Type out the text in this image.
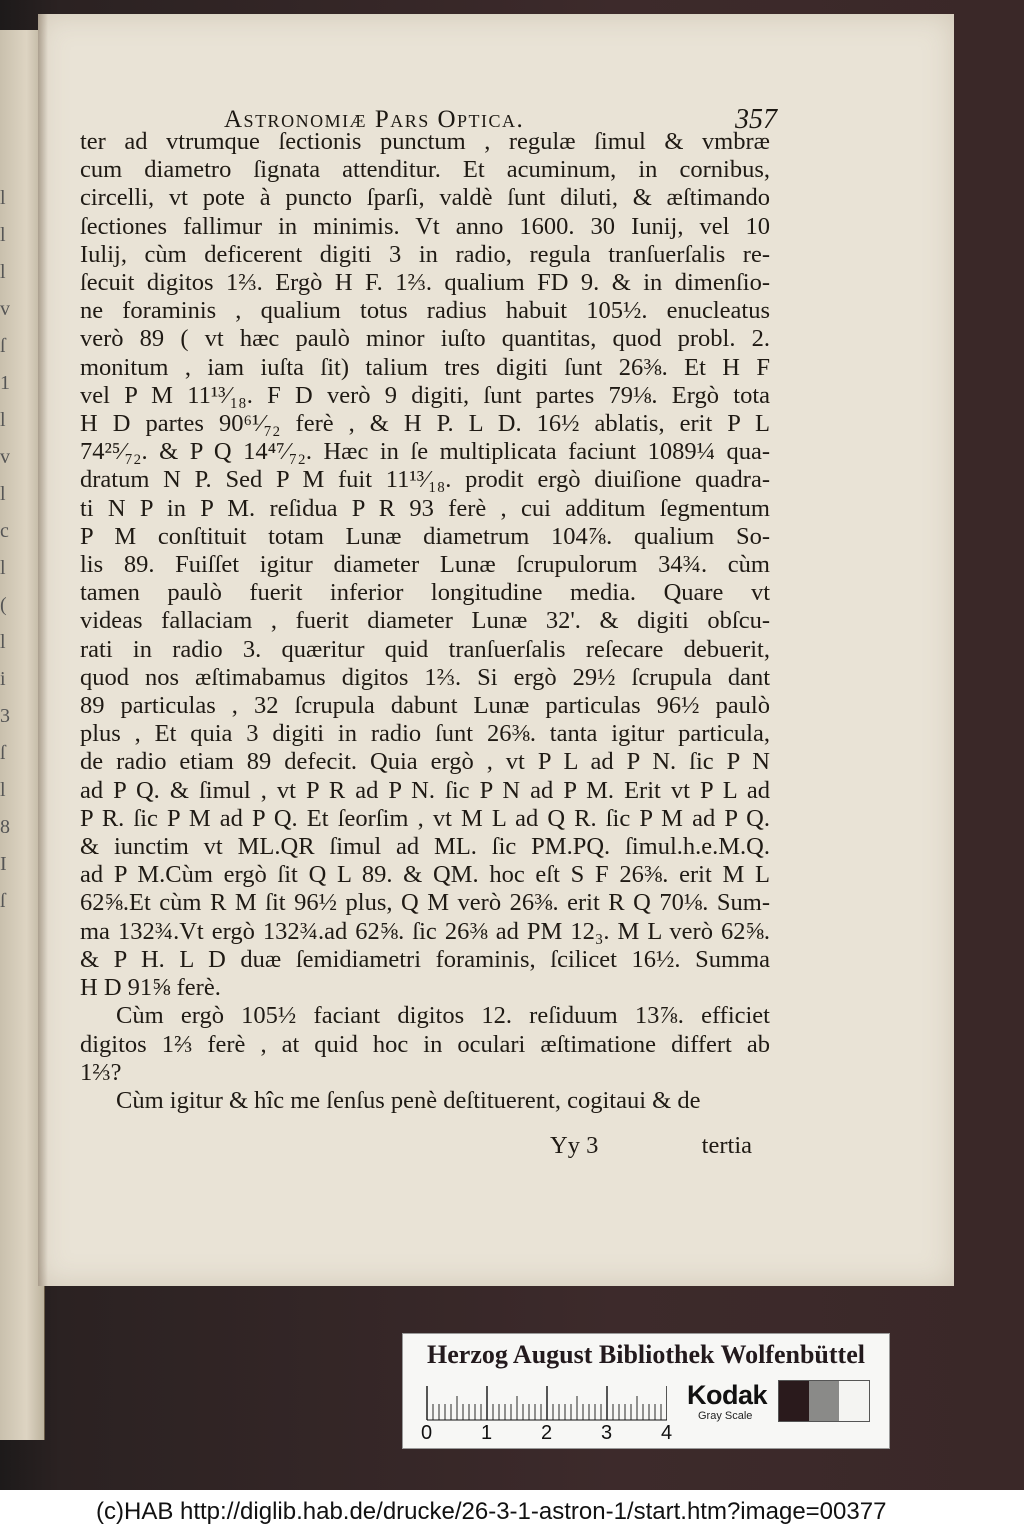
l
l
l
v
ſ
1
l
v
l
c
l
(
l
i
3
ſ
l
8
I
ſ
Astronomiæ Pars Optica.	357
ter ad vtrumque ſectionis punctum , regulæ ſimul & vmbræ
cum diametro ſignata attenditur. Et acuminum, in cornibus,
circelli, vt pote à puncto ſparſi, valdè ſunt diluti, & æſtimando
ſectiones fallimur in minimis. Vt anno 1600. 30 Iunij, vel 10
Iulij, cùm deficerent digiti 3 in radio, regula tranſuerſalis re-
ſecuit digitos 1⅔. Ergò H F. 1⅔. qualium FD 9. & in dimenſio-
ne foraminis , qualium totus radius habuit 105½. enucleatus
verò 89 ( vt hæc paulò minor iuſto quantitas, quod probl. 2.
monitum , iam iuſta ſit) talium tres digiti ſunt 26⅜. Et H F
vel P M 11¹³⁄₁₈. F D verò 9 digiti, ſunt partes 79⅛. Ergò tota
H D partes 90⁶¹⁄₇₂ ferè , & H P. L D. 16½ ablatis, erit P L
74²⁵⁄₇₂. & P Q 14⁴⁷⁄₇₂. Hæc in ſe multiplicata faciunt 1089¼ qua-
dratum N P. Sed P M fuit 11¹³⁄₁₈. prodit ergò diuiſione quadra-
ti N P in P M. reſidua P R 93 ferè , cui additum ſegmentum
P M conſtituit totam Lunæ diametrum 104⅞. qualium So-
lis 89. Fuiſſet igitur diameter Lunæ ſcrupulorum 34¾. cùm
tamen paulò fuerit inferior longitudine media. Quare vt
videas fallaciam , fuerit diameter Lunæ 32'. & digiti obſcu-
rati in radio 3. quæritur quid tranſuerſalis reſecare debuerit,
quod nos æſtimabamus digitos 1⅔. Si ergò 29½ ſcrupula dant
89 particulas , 32 ſcrupula dabunt Lunæ particulas 96½ paulò
plus , Et quia 3 digiti in radio ſunt 26⅜. tanta igitur particula,
de radio etiam 89 defecit. Quia ergò , vt P L ad P N. ſic P N
ad P Q. & ſimul , vt P R ad P N. ſic P N ad P M. Erit vt P L ad
P R. ſic P M ad P Q. Et ſeorſim , vt M L ad Q R. ſic P M ad P Q.
& iunctim vt ML.QR ſimul ad ML. ſic PM.PQ. ſimul.h.e.M.Q.
ad P M.Cùm ergò ſit Q L 89. & QM. hoc eſt S F 26⅜. erit M L
62⅝.Et cùm R M ſit 96½ plus, Q M verò 26⅜. erit R Q 70⅛. Sum-
ma 132¾.Vt ergò 132¾.ad 62⅝. ſic 26⅜ ad PM 12₃. M L verò 62⅝.
& P H. L D duæ ſemidiametri foraminis, ſcilicet 16½. Summa
H D 91⅝ ferè.
Cùm ergò 105½ faciant digitos 12. reſiduum 13⅞. efficiet
digitos 1⅔ ferè , at quid hoc in oculari æſtimatione differt ab
1⅔?
Cùm igitur & hîc me ſenſus penè deſtituerent, cogitaui & de
Yy 3	tertia
Herzog August Bibliothek Wolfenbüttel
0 1 2 3 4
Kodak
Gray Scale
(c)HAB http://diglib.hab.de/drucke/26-3-1-astron-1/start.htm?image=00377
